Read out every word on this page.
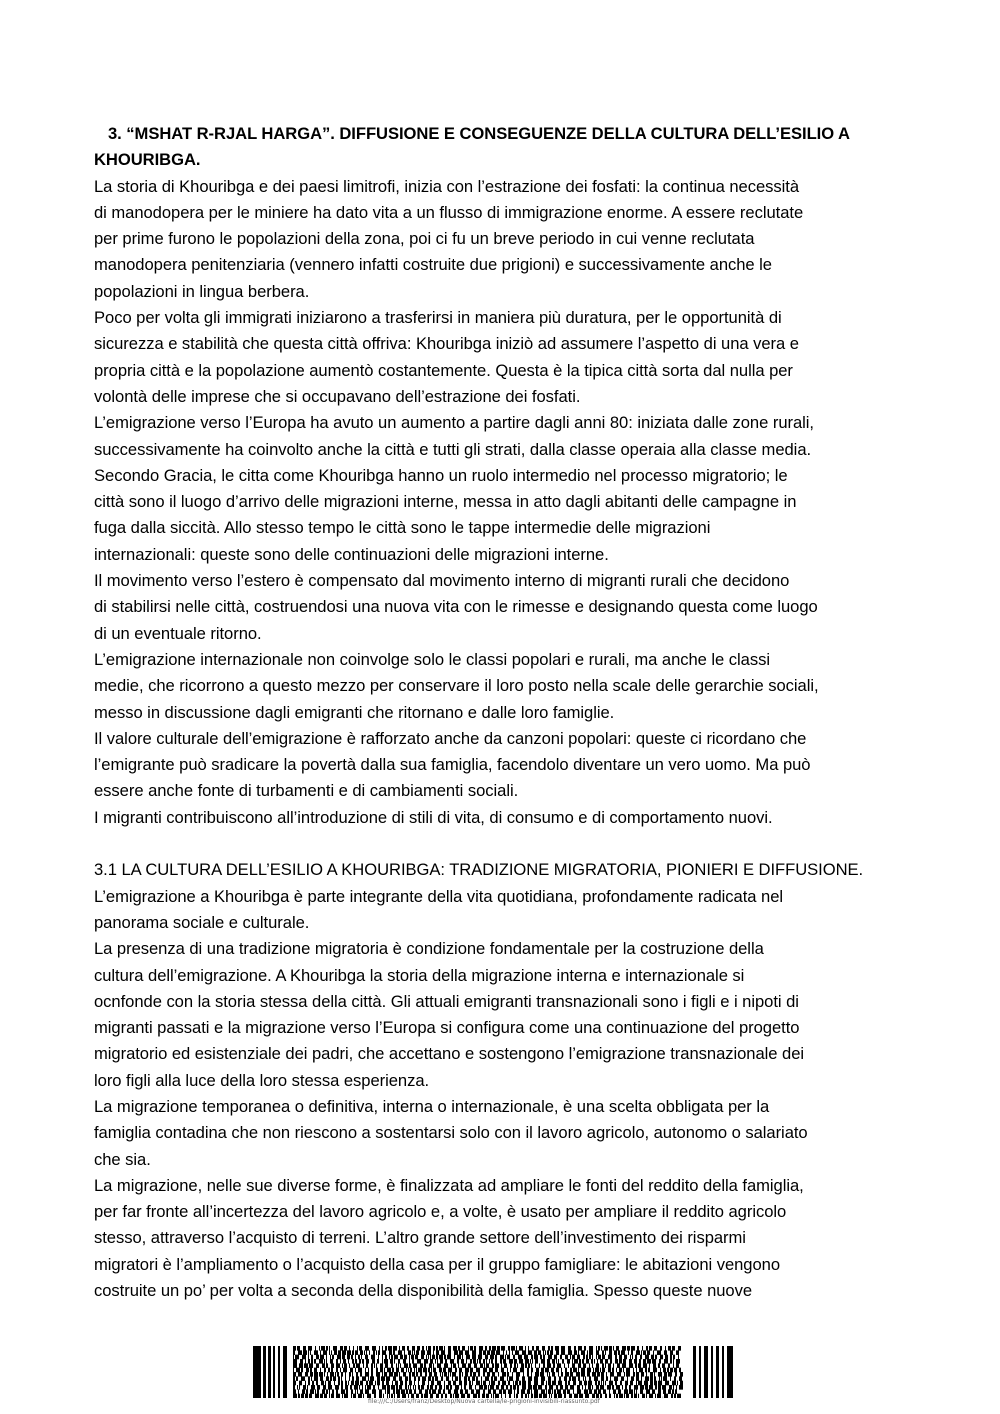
3. “MSHAT R-RJAL HARGA”. DIFFUSIONE E CONSEGUENZE DELLA CULTURA DELL’ESILIO A
KHOURIBGA.
La storia di Khouribga e dei paesi limitrofi, inizia con l’estrazione dei fosfati: la continua necessità
di manodopera per le miniere ha dato vita a un flusso di immigrazione enorme. A essere reclutate
per prime furono le popolazioni della zona, poi ci fu un breve periodo in cui venne reclutata
manodopera penitenziaria (vennero infatti costruite due prigioni) e successivamente anche le
popolazioni in lingua berbera.
Poco per volta gli immigrati iniziarono a trasferirsi in maniera più duratura, per le opportunità di
sicurezza e stabilità che questa città offriva: Khouribga iniziò ad assumere l’aspetto di una vera e
propria città e la popolazione aumentò costantemente. Questa è la tipica città sorta dal nulla per
volontà delle imprese che si occupavano dell’estrazione dei fosfati.
L’emigrazione verso l’Europa ha avuto un aumento a partire dagli anni 80: iniziata dalle zone rurali,
successivamente ha coinvolto anche la città e tutti gli strati, dalla classe operaia alla classe media.
Secondo Gracia, le citta come Khouribga hanno un ruolo intermedio nel processo migratorio; le
città sono il luogo d’arrivo delle migrazioni interne, messa in atto dagli abitanti delle campagne in
fuga dalla siccità. Allo stesso tempo le città sono le tappe intermedie delle migrazioni
internazionali: queste sono delle continuazioni delle migrazioni interne.
Il movimento verso l’estero è compensato dal movimento interno di migranti rurali che decidono
di stabilirsi nelle città, costruendosi una nuova vita con le rimesse e designando questa come luogo
di un eventuale ritorno.
L’emigrazione internazionale non coinvolge solo le classi popolari e rurali, ma anche le classi
medie, che ricorrono a questo mezzo per conservare il loro posto nella scale delle gerarchie sociali,
messo in discussione dagli emigranti che ritornano e dalle loro famiglie.
Il valore culturale dell’emigrazione è rafforzato anche da canzoni popolari: queste ci ricordano che
l’emigrante può sradicare la povertà dalla sua famiglia, facendolo diventare un vero uomo. Ma può
essere anche fonte di turbamenti e di cambiamenti sociali.
I migranti contribuiscono all’introduzione di stili di vita, di consumo e di comportamento nuovi.
3.1 LA CULTURA DELL’ESILIO A KHOURIBGA: TRADIZIONE MIGRATORIA, PIONIERI E DIFFUSIONE.
L’emigrazione a Khouribga è parte integrante della vita quotidiana, profondamente radicata nel
panorama sociale e culturale.
La presenza di una tradizione migratoria è condizione fondamentale per la costruzione della
cultura dell’emigrazione. A Khouribga la storia della migrazione interna e internazionale si
ocnfonde con la storia stessa della città. Gli attuali emigranti transnazionali sono i figli e i nipoti di
migranti passati e la migrazione verso l’Europa si configura come una continuazione del progetto
migratorio ed esistenziale dei padri, che accettano e sostengono l’emigrazione transnazionale dei
loro figli alla luce della loro stessa esperienza.
La migrazione temporanea o definitiva, interna o internazionale, è una scelta obbligata per la
famiglia contadina che non riescono a sostentarsi solo con il lavoro agricolo, autonomo o salariato
che sia.
La migrazione, nelle sue diverse forme, è finalizzata ad ampliare le fonti del reddito della famiglia,
per far fronte all’incertezza del lavoro agricolo e, a volte, è usato per ampliare il reddito agricolo
stesso, attraverso l’acquisto di terreni. L’altro grande settore dell’investimento dei risparmi
migratori è l’ampliamento o l’acquisto della casa per il gruppo famigliare: le abitazioni vengono
costruite un po’ per volta a seconda della disponibilità della famiglia. Spesso queste nuove
file:///C:/Users/franz/Desktop/Nuova cartella/le-prigioni-invisibili-riassunto.pdf	'
